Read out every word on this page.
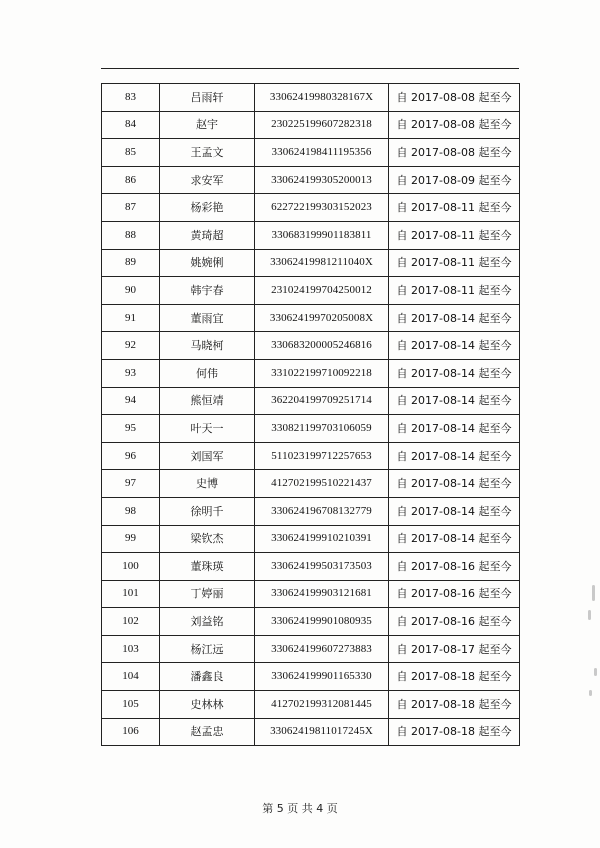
83	吕雨轩	33062419980328167X	自 2017-08-08 起至今
84	赵宇	230225199607282318	自 2017-08-08 起至今
85	王孟文	330624198411195356	自 2017-08-08 起至今
86	求安军	330624199305200013	自 2017-08-09 起至今
87	杨彩艳	622722199303152023	自 2017-08-11 起至今
88	黄琦超	330683199901183811	自 2017-08-11 起至今
89	姚婉俐	33062419981211040X	自 2017-08-11 起至今
90	韩宇春	231024199704250012	自 2017-08-11 起至今
91	董雨宜	33062419970205008X	自 2017-08-14 起至今
92	马晓柯	330683200005246816	自 2017-08-14 起至今
93	何伟	331022199710092218	自 2017-08-14 起至今
94	熊恒靖	362204199709251714	自 2017-08-14 起至今
95	叶天一	330821199703106059	自 2017-08-14 起至今
96	刘国军	511023199712257653	自 2017-08-14 起至今
97	史博	412702199510221437	自 2017-08-14 起至今
98	徐明千	330624196708132779	自 2017-08-14 起至今
99	梁钦杰	330624199910210391	自 2017-08-14 起至今
100	董珠瑛	330624199503173503	自 2017-08-16 起至今
101	丁婷丽	330624199903121681	自 2017-08-16 起至今
102	刘益铭	330624199901080935	自 2017-08-16 起至今
103	杨江远	330624199607273883	自 2017-08-17 起至今
104	潘鑫良	330624199901165330	自 2017-08-18 起至今
105	史林林	412702199312081445	自 2017-08-18 起至今
106	赵孟忠	33062419811017245X	自 2017-08-18 起至今
第 5 页 共 4 页
